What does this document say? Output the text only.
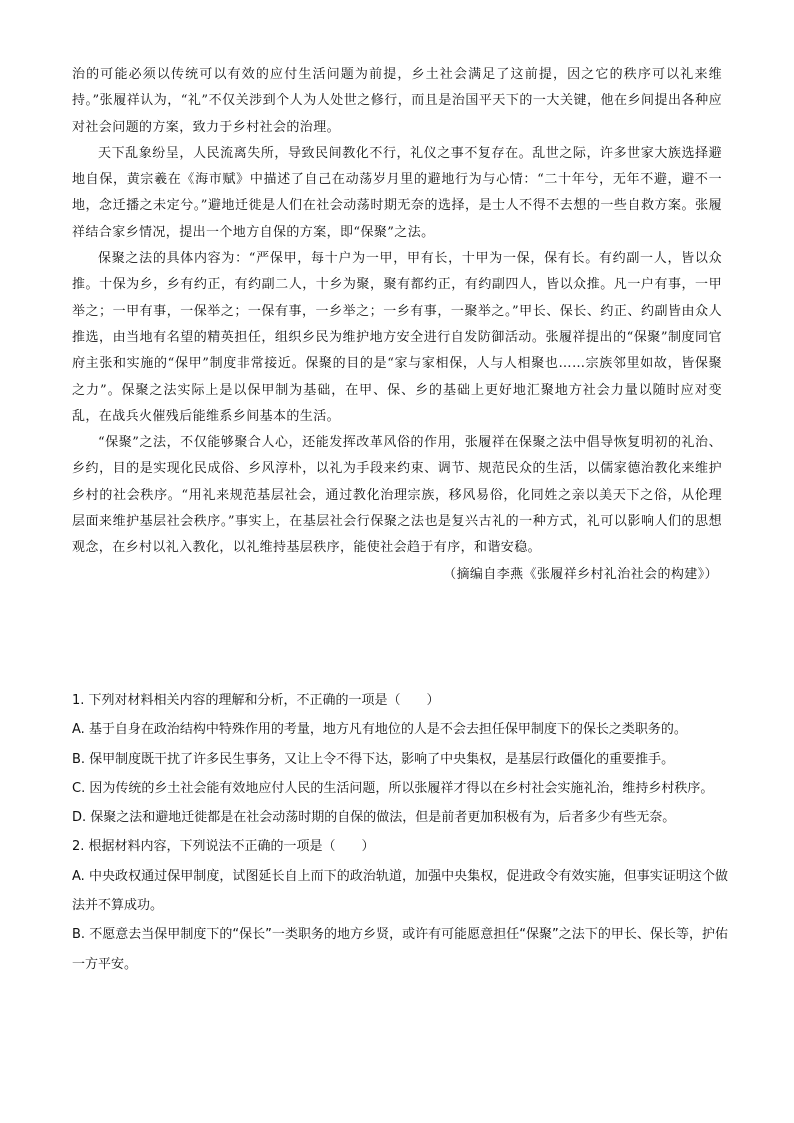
治的可能必须以传统可以有效的应付生活问题为前提，乡土社会满足了这前提，因之它的秩序可以礼来维持。”张履祥认为，“礼”不仅关涉到个人为人处世之修行，而且是治国平天下的一大关键，他在乡间提出各种应对社会问题的方案，致力于乡村社会的治理。

天下乱象纷呈，人民流离失所，导致民间教化不行，礼仪之事不复存在。乱世之际，许多世家大族选择避地自保，黄宗羲在《海市赋》中描述了自己在动荡岁月里的避地行为与心情：“二十年兮，无年不避，避不一地，念迁播之未定兮。”避地迁徙是人们在社会动荡时期无奈的选择，是士人不得不去想的一些自救方案。张履祥结合家乡情况，提出一个地方自保的方案，即“保聚”之法。

保聚之法的具体内容为：“严保甲，每十户为一甲，甲有长，十甲为一保，保有长。有约副一人，皆以众推。十保为乡，乡有约正，有约副二人，十乡为聚，聚有都约正，有约副四人，皆以众推。凡一户有事，一甲举之；一甲有事，一保举之；一保有事，一乡举之；一乡有事，一聚举之。”甲长、保长、约正、约副皆由众人推选，由当地有名望的精英担任，组织乡民为维护地方安全进行自发防御活动。张履祥提出的“保聚”制度同官府主张和实施的“保甲”制度非常接近。保聚的目的是“家与家相保，人与人相聚也……宗族邻里如故，皆保聚之力”。保聚之法实际上是以保甲制为基础，在甲、保、乡的基础上更好地汇聚地方社会力量以随时应对变乱，在战兵火催残后能维系乡间基本的生活。

“保聚”之法，不仅能够聚合人心，还能发挥改革风俗的作用，张履祥在保聚之法中倡导恢复明初的礼治、乡约，目的是实现化民成俗、乡风淳朴，以礼为手段来约束、调节、规范民众的生活，以儒家德治教化来维护乡村的社会秩序。“用礼来规范基层社会，通过教化治理宗族，移风易俗，化同姓之亲以美天下之俗，从伦理层面来维护基层社会秩序。”事实上，在基层社会行保聚之法也是复兴古礼的一种方式，礼可以影响人们的思想观念，在乡村以礼入教化，以礼维持基层秩序，能使社会趋于有序，和谐安稳。

（摘编自李燕《张履祥乡村礼治社会的构建》）

1. 下列对材料相关内容的理解和分析，不正确的一项是（　　）

A. 基于自身在政治结构中特殊作用的考量，地方凡有地位的人是不会去担任保甲制度下的保长之类职务的。

B. 保甲制度既干扰了许多民生事务，又让上令不得下达，影响了中央集权，是基层行政僵化的重要推手。

C. 因为传统的乡土社会能有效地应付人民的生活问题，所以张履祥才得以在乡村社会实施礼治，维持乡村秩序。

D. 保聚之法和避地迁徙都是在社会动荡时期的自保的做法，但是前者更加积极有为，后者多少有些无奈。

2. 根据材料内容，下列说法不正确的一项是（　　）

A. 中央政权通过保甲制度，试图延长自上而下的政治轨道，加强中央集权，促进政令有效实施，但事实证明这个做法并不算成功。

B. 不愿意去当保甲制度下的“保长”一类职务的地方乡贤，或许有可能愿意担任“保聚”之法下的甲长、保长等，护佑一方平安。
